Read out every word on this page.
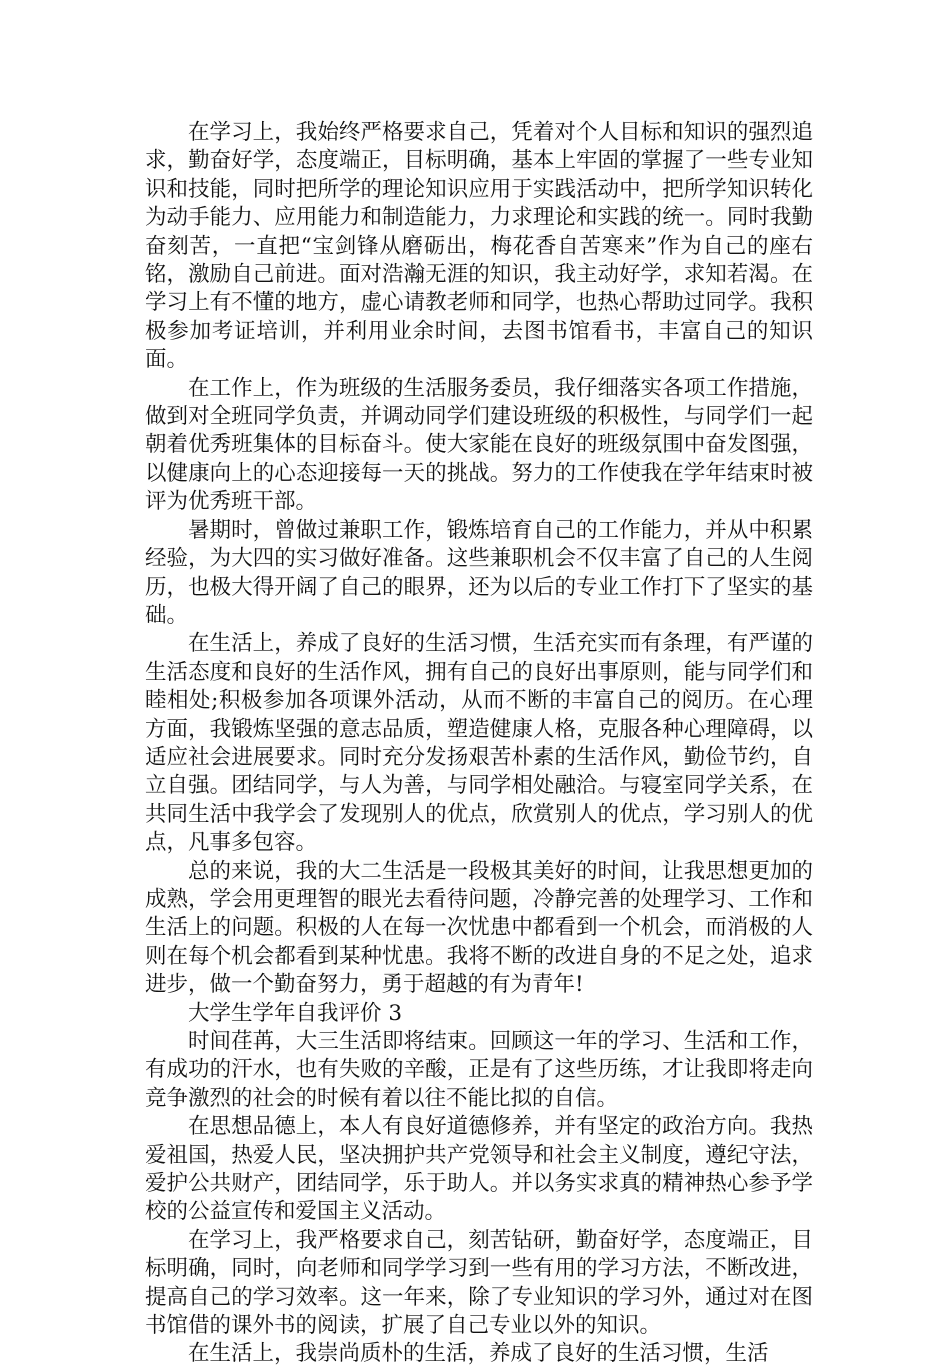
在学习上，我始终严格要求自己，凭着对个人目标和知识的强烈追求，勤奋好学，态度端正，目标明确，基本上牢固的掌握了一些专业知识和技能，同时把所学的理论知识应用于实践活动中，把所学知识转化为动手能力、应用能力和制造能力，力求理论和实践的统一。同时我勤奋刻苦，一直把“宝剑锋从磨砺出，梅花香自苦寒来”作为自己的座右铭，激励自己前进。面对浩瀚无涯的知识，我主动好学，求知若渴。在学习上有不懂的地方，虚心请教老师和同学，也热心帮助过同学。我积极参加考证培训，并利用业余时间，去图书馆看书，丰富自己的知识面。

在工作上，作为班级的生活服务委员，我仔细落实各项工作措施，做到对全班同学负责，并调动同学们建设班级的积极性，与同学们一起朝着优秀班集体的目标奋斗。使大家能在良好的班级氛围中奋发图强，以健康向上的心态迎接每一天的挑战。努力的工作使我在学年结束时被评为优秀班干部。

暑期时，曾做过兼职工作，锻炼培育自己的工作能力，并从中积累经验，为大四的实习做好准备。这些兼职机会不仅丰富了自己的人生阅历，也极大得开阔了自己的眼界，还为以后的专业工作打下了坚实的基础。

在生活上，养成了良好的生活习惯，生活充实而有条理，有严谨的生活态度和良好的生活作风，拥有自己的良好出事原则，能与同学们和睦相处;积极参加各项课外活动，从而不断的丰富自己的阅历。在心理方面，我锻炼坚强的意志品质，塑造健康人格，克服各种心理障碍，以适应社会进展要求。同时充分发扬艰苦朴素的生活作风，勤俭节约，自立自强。团结同学，与人为善，与同学相处融洽。与寝室同学关系，在共同生活中我学会了发现别人的优点，欣赏别人的优点，学习别人的优点，凡事多包容。

总的来说，我的大二生活是一段极其美好的时间，让我思想更加的成熟，学会用更理智的眼光去看待问题，冷静完善的处理学习、工作和生活上的问题。积极的人在每一次忧患中都看到一个机会，而消极的人则在每个机会都看到某种忧患。我将不断的改进自身的不足之处，追求进步，做一个勤奋努力，勇于超越的有为青年!

大学生学年自我评价 3

时间荏苒，大三生活即将结束。回顾这一年的学习、生活和工作，有成功的汗水，也有失败的辛酸，正是有了这些历练，才让我即将走向竞争激烈的社会的时候有着以往不能比拟的自信。

在思想品德上，本人有良好道德修养，并有坚定的政治方向。我热爱祖国，热爱人民，坚决拥护共产党领导和社会主义制度，遵纪守法，爱护公共财产，团结同学，乐于助人。并以务实求真的精神热心参予学校的公益宣传和爱国主义活动。

在学习上，我严格要求自己，刻苦钻研，勤奋好学，态度端正，目标明确，同时，向老师和同学学习到一些有用的学习方法，不断改进，提高自己的学习效率。这一年来，除了专业知识的学习外，通过对在图书馆借的课外书的阅读，扩展了自己专业以外的知识。

在生活上，我崇尚质朴的生活，养成了良好的生活习惯，生活
